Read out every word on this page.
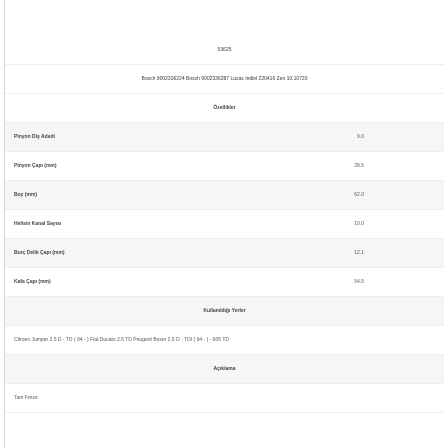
53625
Bosch 9002336224 Bosch 9002336287 Lucas Indiel 220416 Zen 10.10720
Özellikler
Pinyon Diş Adedi	9.0
Pinyon Çapı (mm)	28.5
Boy (mm)	62.0
Helisin Kanal Sayısı	10.0
Burç Delik Çapı (mm)	12.1
Kafa Çapı (mm)	54.5
Kullanıldığı Yerler
Citroen Jumper 2.5 D - TD ( 94 - ) Fiat Ducato 2.5 TD Peugeot Boxer 2.5 D - TDI ( 94 - ) - 605 TD
Açıklama
Tam Freze
